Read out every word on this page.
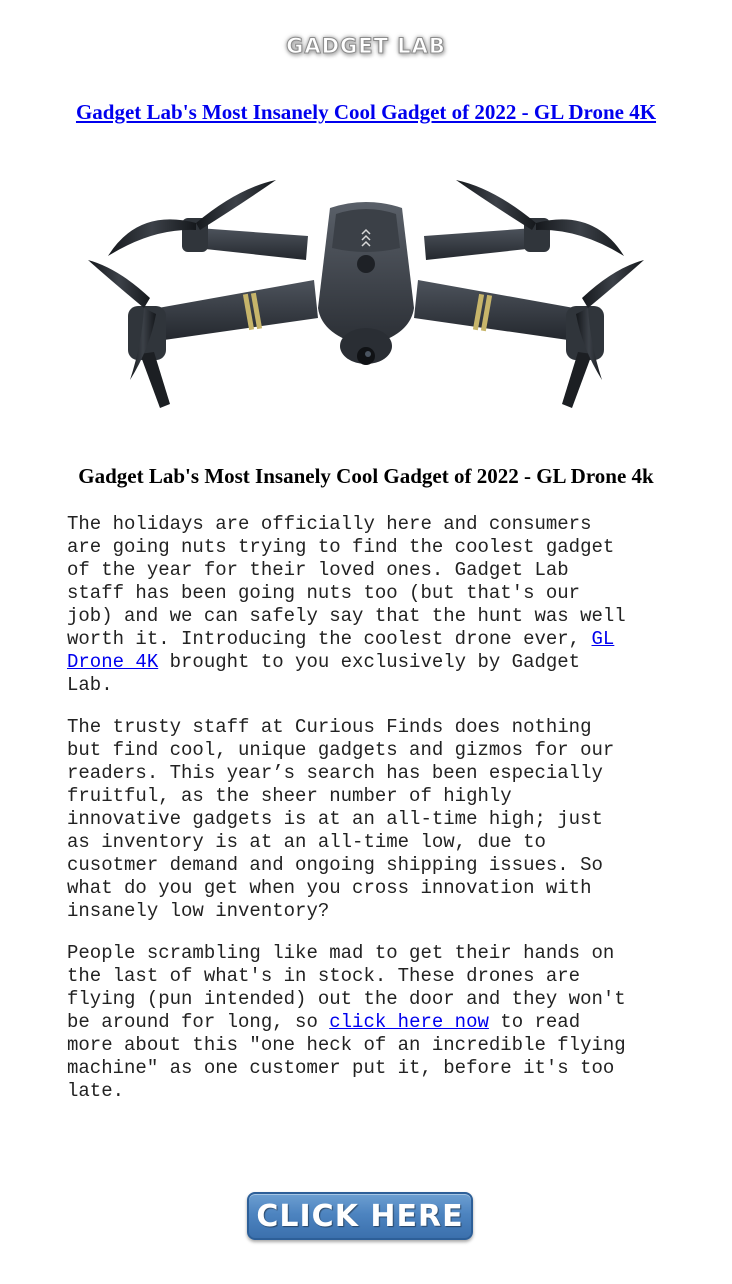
GADGET LAB
Gadget Lab's Most Insanely Cool Gadget of 2022 - GL Drone 4K
Gadget Lab's Most Insanely Cool Gadget of 2022 - GL Drone 4k

The holidays are officially here and consumers
are going nuts trying to find the coolest gadget
of the year for their loved ones. Gadget Lab
staff has been going nuts too (but that's our
job) and we can safely say that the hunt was well
worth it. Introducing the coolest drone ever, GL
Drone 4K brought to you exclusively by Gadget
Lab.

The trusty staff at Curious Finds does nothing
but find cool, unique gadgets and gizmos for our
readers. This year’s search has been especially
fruitful, as the sheer number of highly
innovative gadgets is at an all-time high; just
as inventory is at an all-time low, due to
cusotmer demand and ongoing shipping issues. So
what do you get when you cross innovation with
insanely low inventory?

People scrambling like mad to get their hands on
the last of what's in stock. These drones are
flying (pun intended) out the door and they won't
be around for long, so click here now to read
more about this "one heck of an incredible flying
machine" as one customer put it, before it's too
late.

CLICK HERE
